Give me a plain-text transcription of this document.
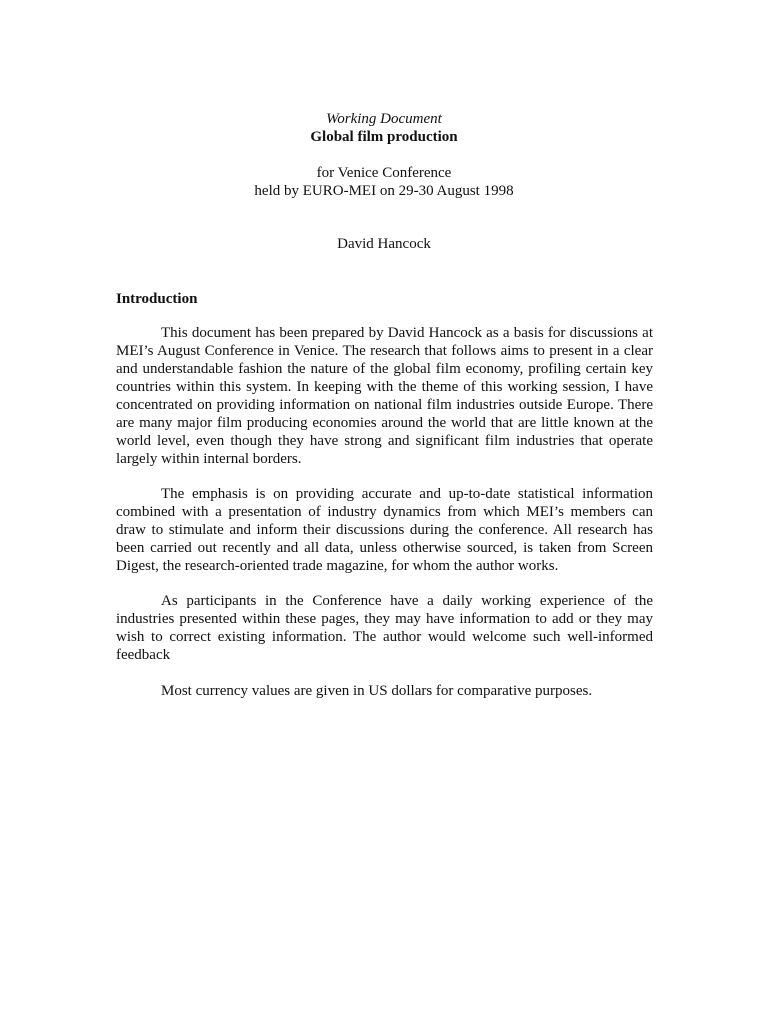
Working Document
Global film production
for Venice Conference
held by EURO-MEI on 29-30 August 1998
David Hancock
Introduction

This document has been prepared by David Hancock as a basis for discussions at MEI’s August Conference in Venice. The research that follows aims to present in a clear and understandable fashion the nature of the global film economy, profiling certain key countries within this system. In keeping with the theme of this working session, I have concentrated on providing information on national film industries outside Europe. There are many major film producing economies around the world that are little known at the world level, even though they have strong and significant film industries that operate largely within internal borders.

The emphasis is on providing accurate and up-to-date statistical information combined with a presentation of industry dynamics from which MEI’s members can draw to stimulate and inform their discussions during the conference. All research has been carried out recently and all data, unless otherwise sourced, is taken from Screen Digest, the research-oriented trade magazine, for whom the author works.

As participants in the Conference have a daily working experience of the industries presented within these pages, they may have information to add or they may wish to correct existing information. The author would welcome such well-informed feedback

Most currency values are given in US dollars for comparative purposes.
